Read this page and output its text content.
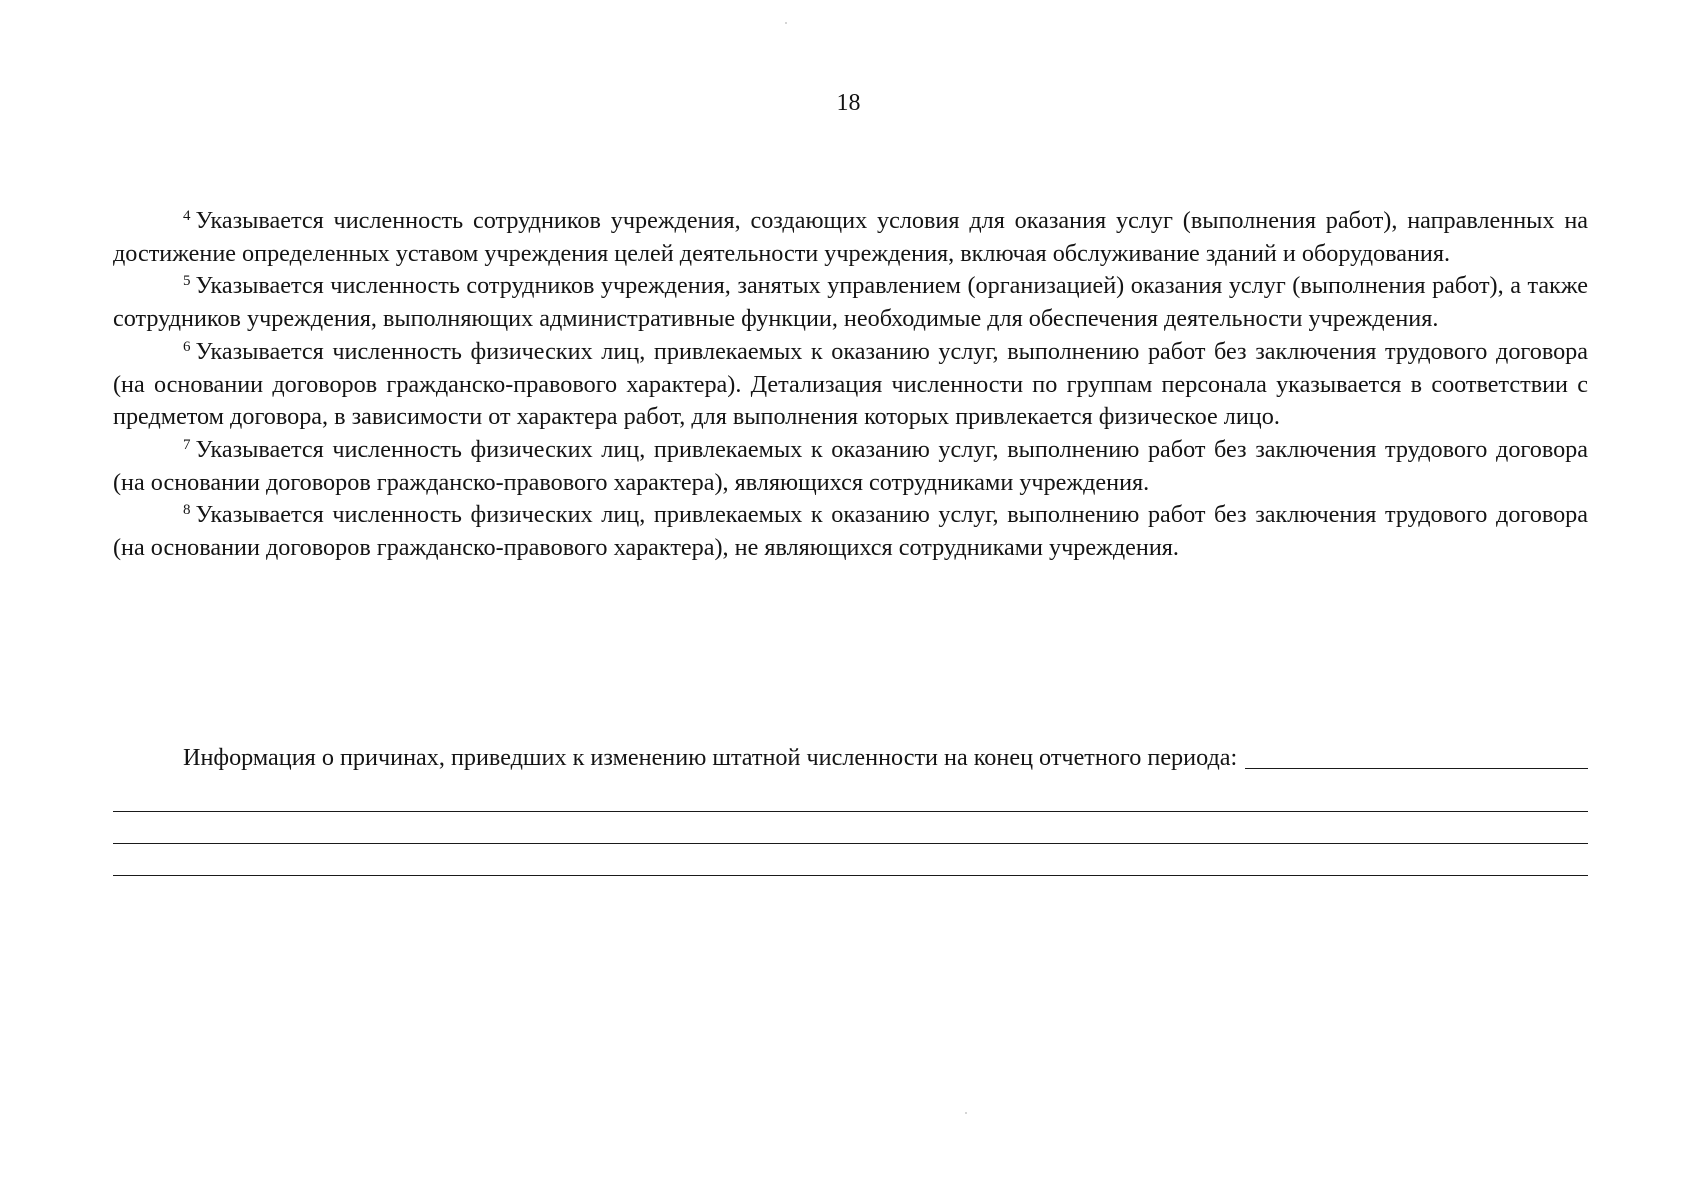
18

$^4$ Указывается численность сотрудников учреждения, создающих условия для оказания услуг (выполнения работ), направленных на достижение определенных уставом учреждения целей деятельности учреждения, включая обслуживание зданий и оборудования.

$^5$ Указывается численность сотрудников учреждения, занятых управлением (организацией) оказания услуг (выполнения работ), а также сотрудников учреждения, выполняющих административные функции, необходимые для обеспечения деятельности учреждения.

$^6$ Указывается численность физических лиц, привлекаемых к оказанию услуг, выполнению работ без заключения трудового договора (на основании договоров гражданско-правового характера). Детализация численности по группам персонала указывается в соответствии с предметом договора, в зависимости от характера работ, для выполнения которых привлекается физическое лицо.

$^7$ Указывается численность физических лиц, привлекаемых к оказанию услуг, выполнению работ без заключения трудового договора (на основании договоров гражданско-правового характера), являющихся сотрудниками учреждения.

$^8$ Указывается численность физических лиц, привлекаемых к оказанию услуг, выполнению работ без заключения трудового договора (на основании договоров гражданско-правового характера), не являющихся сотрудниками учреждения.

Информация о причинах, приведших к изменению штатной численности на конец отчетного периода:
